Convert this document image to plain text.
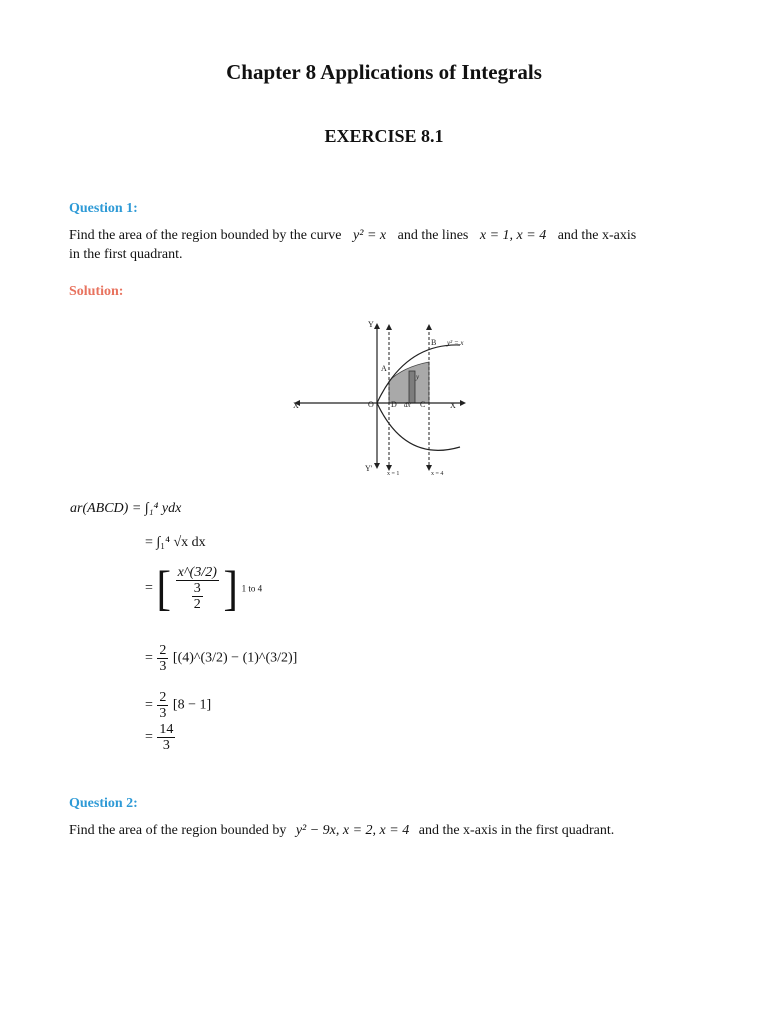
Chapter 8 Applications of Integrals
EXERCISE 8.1
Question 1:
Find the area of the region bounded by the curve y² = x and the lines x = 1, x = 4 and the x-axis
in the first quadrant.
Solution:
Y
Y'
X
X'	O
A
B
C
D dx
y
y² = x
x = 1	x = 4
ar(ABCD) = ∫₁⁴ ydx
= ∫₁⁴ √x dx
= [ $\frac{x\^{}(3/2)}{\frac{3}{2}}$ ] 1 to 4
= $\frac{2}{3}$ [(4)^(3/2) − (1)^(3/2)]
= $\frac{2}{3} [8 - 1]$
= $\frac{14}{3}$
Question 2:
Find the area of the region bounded by y² − 9x, x = 2, x = 4 and the x-axis in the first quadrant.
